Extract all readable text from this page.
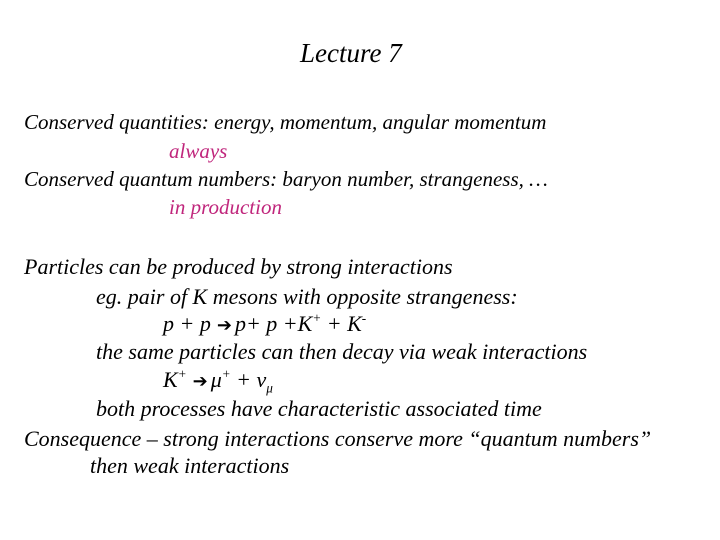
Lecture 7
Conserved quantities: energy, momentum, angular momentum
always
Conserved quantum numbers: baryon number, strangeness, …
in production
Particles can be produced by strong interactions
eg. pair of K mesons with opposite strangeness:
p + p ➔ p+ p +K+ + K-
the same particles can then decay via weak interactions
K+ ➔ $\mu^+ + \nu_\mu$
both processes have characteristic associated time
Consequence – strong interactions conserve more “quantum numbers”
then weak interactions
